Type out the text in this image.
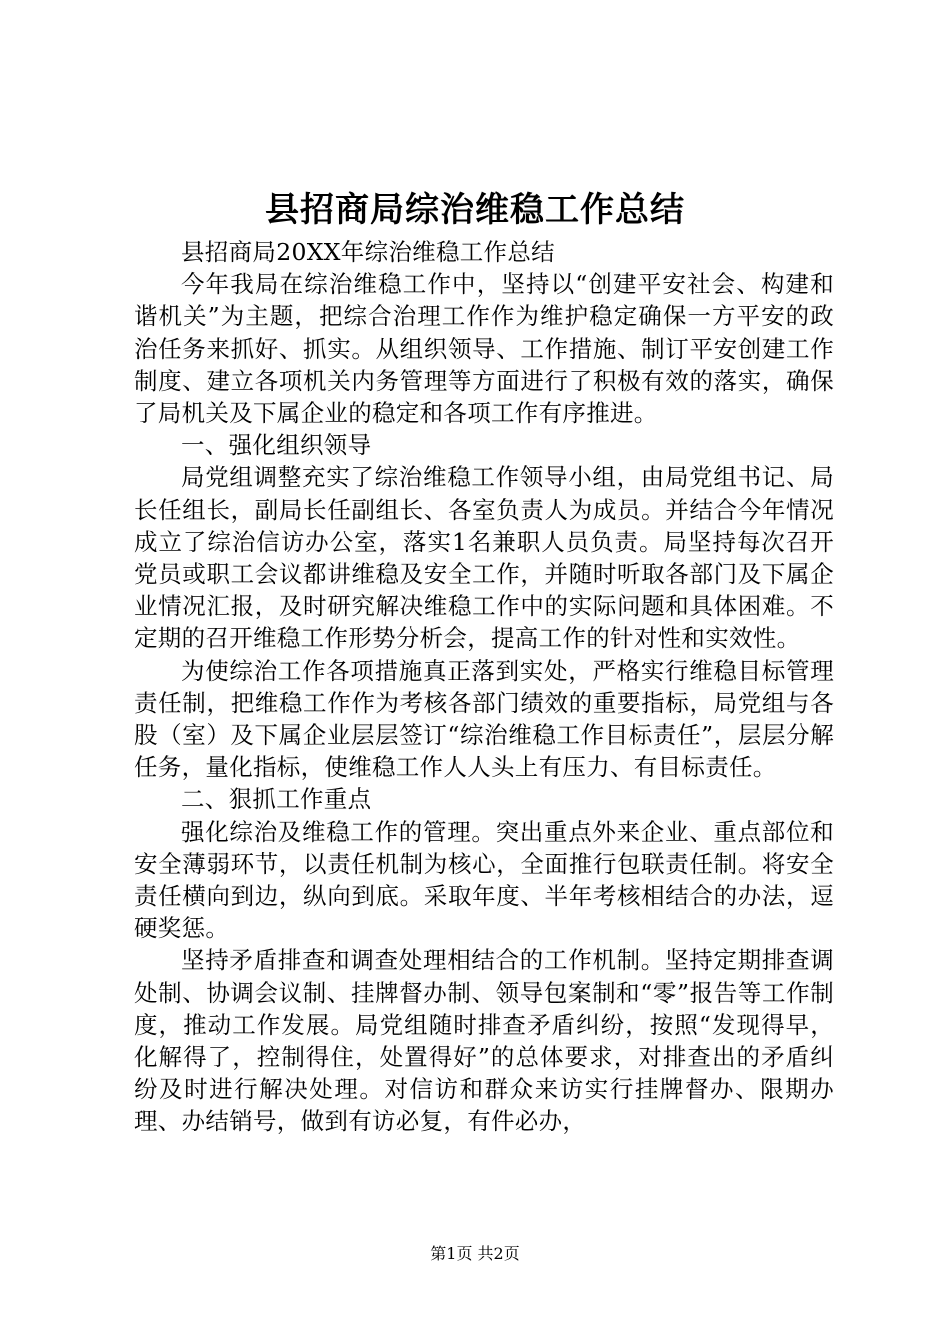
县招商局综治维稳工作总结

县招商局20XX年综治维稳工作总结

今年我局在综治维稳工作中，坚持以“创建平安社会、构建和谐机关”为主题，把综合治理工作作为维护稳定确保一方平安的政治任务来抓好、抓实。从组织领导、工作措施、制订平安创建工作制度、建立各项机关内务管理等方面进行了积极有效的落实，确保了局机关及下属企业的稳定和各项工作有序推进。

一、强化组织领导

局党组调整充实了综治维稳工作领导小组，由局党组书记、局长任组长，副局长任副组长、各室负责人为成员。并结合今年情况成立了综治信访办公室，落实1名兼职人员负责。局坚持每次召开党员或职工会议都讲维稳及安全工作，并随时听取各部门及下属企业情况汇报，及时研究解决维稳工作中的实际问题和具体困难。不定期的召开维稳工作形势分析会，提高工作的针对性和实效性。

为使综治工作各项措施真正落到实处，严格实行维稳目标管理责任制，把维稳工作作为考核各部门绩效的重要指标，局党组与各股（室）及下属企业层层签订“综治维稳工作目标责任”，层层分解任务，量化指标，使维稳工作人人头上有压力、有目标责任。

二、狠抓工作重点

强化综治及维稳工作的管理。突出重点外来企业、重点部位和安全薄弱环节，以责任机制为核心，全面推行包联责任制。将安全责任横向到边，纵向到底。采取年度、半年考核相结合的办法，逗硬奖惩。

坚持矛盾排查和调查处理相结合的工作机制。坚持定期排查调处制、协调会议制、挂牌督办制、领导包案制和“零”报告等工作制度，推动工作发展。局党组随时排查矛盾纠纷，按照“发现得早，化解得了，控制得住，处置得好”的总体要求，对排查出的矛盾纠纷及时进行解决处理。对信访和群众来访实行挂牌督办、限期办理、办结销号，做到有访必复，有件必办，

第1页 共2页
